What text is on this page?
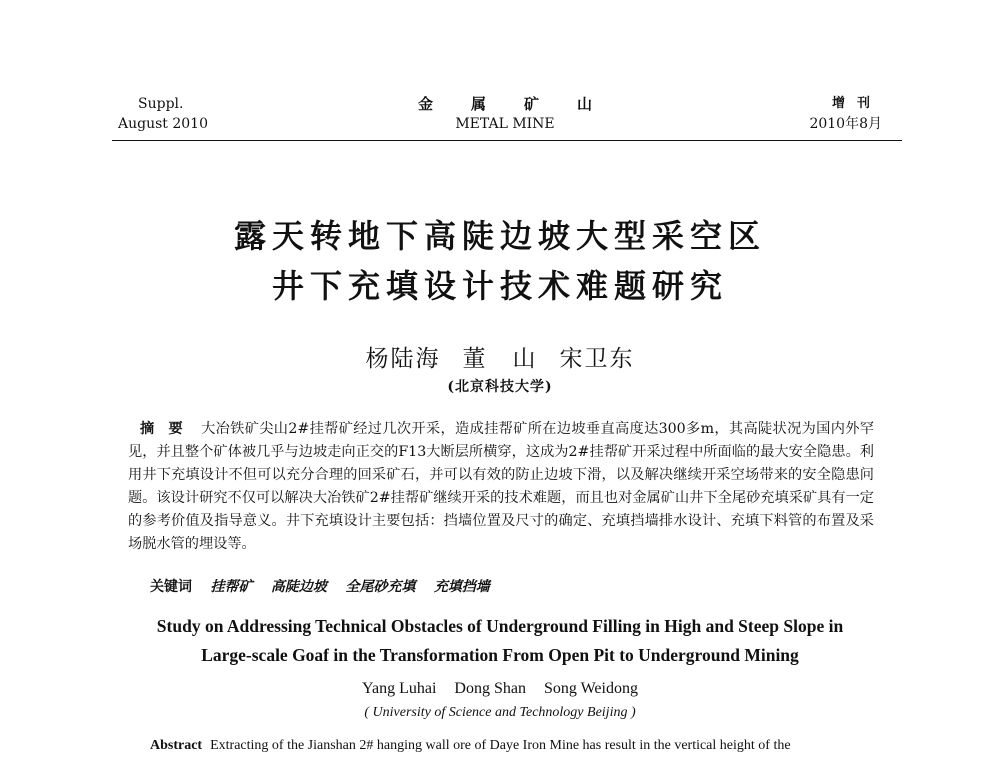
Suppl.
August 2010
金属矿山
METAL MINE
增刊
2010年8月
露天转地下高陡边坡大型采空区
井下充填设计技术难题研究
杨陆海 董　山 宋卫东
(北京科技大学)
摘要 大冶铁矿尖山2#挂帮矿经过几次开采，造成挂帮矿所在边坡垂直高度达300多m，其高陡状况为国内外罕见，并且整个矿体被几乎与边坡走向正交的F13大断层所横穿，这成为2#挂帮矿开采过程中所面临的最大安全隐患。利用井下充填设计不但可以充分合理的回采矿石，并可以有效的防止边坡下滑，以及解决继续开采空场带来的安全隐患问题。该设计研究不仅可以解决大冶铁矿2#挂帮矿继续开采的技术难题，而且也对金属矿山井下全尾砂充填采矿具有一定的参考价值及指导意义。井下充填设计主要包括：挡墙位置及尺寸的确定、充填挡墙排水设计、充填下料管的布置及采场脱水管的埋设等。
关键词 挂帮矿 高陡边坡 全尾砂充填 充填挡墙
Study on Addressing Technical Obstacles of Underground Filling in High and Steep Slope in
Large-scale Goaf in the Transformation From Open Pit to Underground Mining
Yang Luhai Dong Shan Song Weidong
( University of Science and Technology Beijing )
Abstract Extracting of the Jianshan 2# hanging wall ore of Daye Iron Mine has result in the vertical height of the
